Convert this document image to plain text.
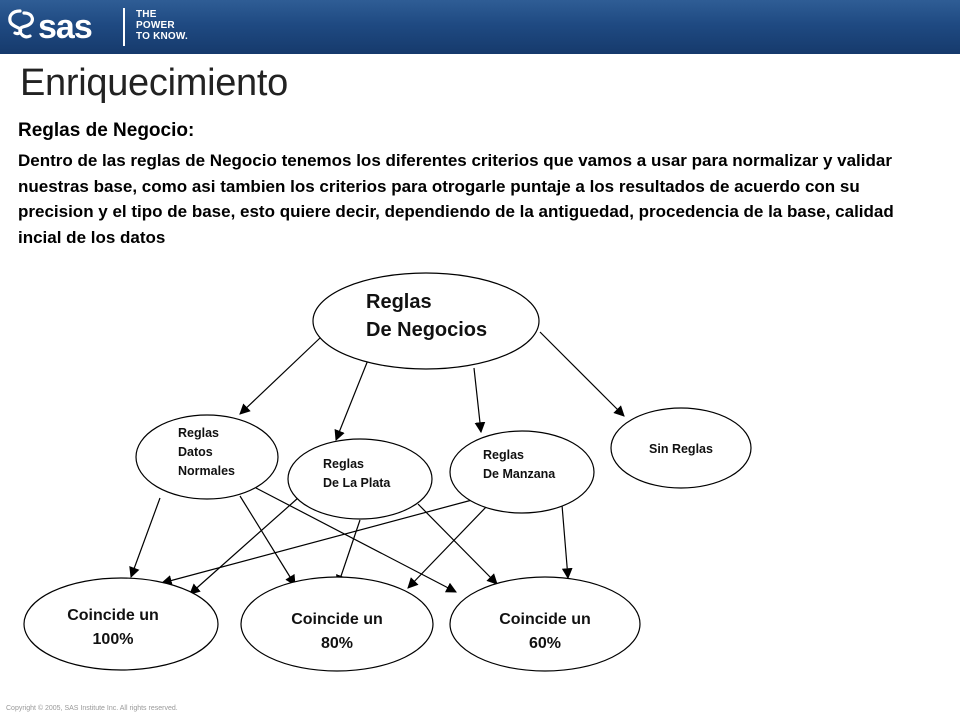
sas	THE
POWER
TO KNOW.
Enriquecimiento
Reglas de Negocio:

Dentro de las reglas de Negocio tenemos los diferentes criterios que vamos a usar para normalizar y validar nuestras base, como asi tambien los criterios para otrogarle puntaje a los resultados de acuerdo con su precision y el tipo de base, esto quiere decir, dependiendo de la antiguedad, procedencia de la base, calidad incial de los datos

Reglas
De Negocios
Reglas
Datos
Normales	Reglas
De La Plata
Reglas
De Manzana
Sin Reglas
Coincide un
100%
Coincide un
80%
Coincide un
60%
Copyright © 2005, SAS Institute Inc. All rights reserved.
